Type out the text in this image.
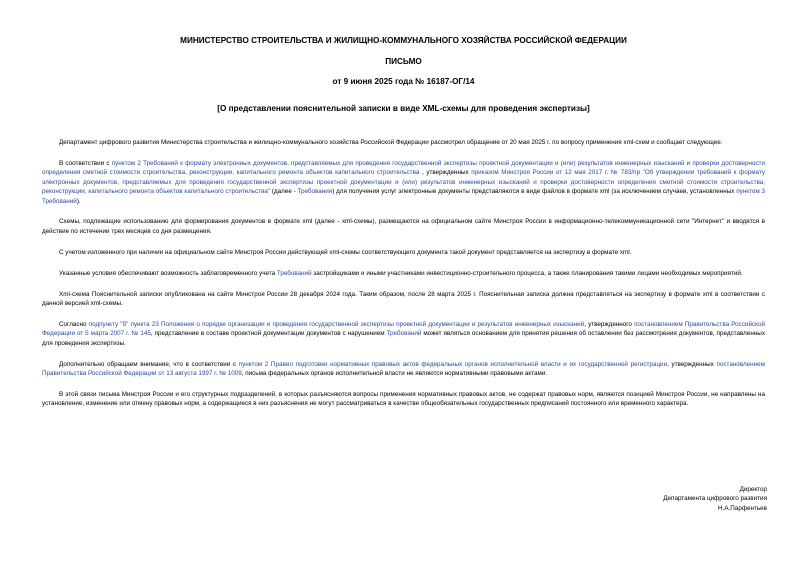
МИНИСТЕРСТВО СТРОИТЕЛЬСТВА И ЖИЛИЩНО-КОММУНАЛЬНОГО ХОЗЯЙСТВА РОССИЙСКОЙ ФЕДЕРАЦИИ
ПИСЬМО
от 9 июня 2025 года № 16187-ОГ/14
[О представлении пояснительной записки в виде XML-схемы для проведения экспертизы]

Департамент цифрового развития Министерства строительства и жилищно-коммунального хозяйства Российской Федерации рассмотрел обращение от 20 мая 2025 г. по вопросу применения xml-схем и сообщает следующее.

В соответствии с пунктом 2 Требований к формату электронных документов, представляемых для проведения государственной экспертизы проектной документации и (или) результатов инженерных изысканий и проверки достоверности определения сметной стоимости строительства, реконструкции, капитального ремонта объектов капитального строительства , утвержденных приказом Минстроя России от 12 мая 2017 г. № 783/пр "Об утверждении требований к формату электронных документов, представляемых для проведения государственной экспертизы проектной документации и (или) результатов инженерных изысканий и проверки достоверности определения сметной стоимости строительства, реконструкции, капитального ремонта объектов капитального строительства" (далее - Требования) для получения услуг электронные документы представляются в виде файлов в формате xml (за исключением случаев, установленных пунктом 3 Требований).

Схемы, подлежащие использованию для формирования документов в формате xml (далее - xml-схемы), размещаются на официальном сайте Минстроя России в информационно-телекоммуникационной сети "Интернет" и вводятся в действие по истечении трех месяцев со дня размещения.

С учетом изложенного при наличии на официальном сайте Минстроя России действующей xml-схемы соответствующего документа такой документ представляется на экспертизу в формате xml.

Указанные условия обеспечивают возможность заблаговременного учета Требований застройщиками и иными участниками инвестиционно-строительного процесса, а также планирования такими лицами необходимых мероприятий.

Xml-схема Пояснительной записки опубликована на сайте Минстроя России 28 декабря 2024 года. Таким образом, после 28 марта 2025 г. Пояснительная записка должна представляться на экспертизу в формате xml в соответствии с данной версией xml-схемы.

Согласно подпункту "б" пункта 23 Положения о порядке организации и проведения государственной экспертизы проектной документации и результатов инженерных изысканий, утвержденного постановлением Правительства Российской Федерации от 5 марта 2007 г. № 145, представление в составе проектной документации документов с нарушением Требований может являться основанием для принятия решения об оставлении без рассмотрения документов, представленных для проведения экспертизы.

Дополнительно обращаем внимание, что в соответствии с пунктом 2 Правил подготовки нормативных правовых актов федеральных органов исполнительной власти и их государственной регистрации, утвержденных постановлением Правительства Российской Федерации от 13 августа 1997 г. № 1009, письма федеральных органов исполнительной власти не являются нормативными правовыми актами.

В этой связи письма Минстроя России и его структурных подразделений, в которых разъясняются вопросы применения нормативных правовых актов, не содержат правовых норм, являются позицией Минстроя России, не направлены на установление, изменение или отмену правовых норм, а содержащиеся в них разъяснения не могут рассматриваться в качестве общеобязательных государственных предписаний постоянного или временного характера.

Директор
Департамента цифрового развития
Н.А.Парфентьев
